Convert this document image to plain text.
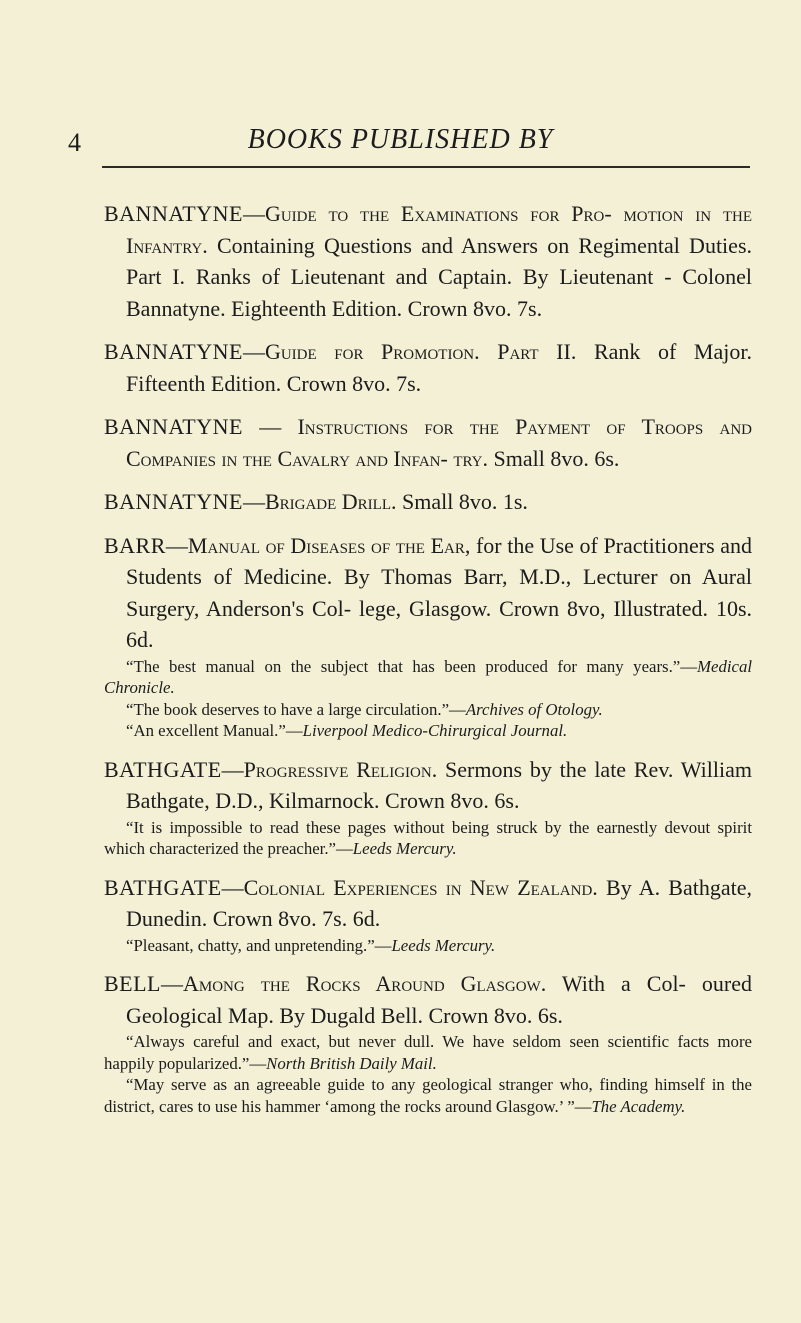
4	BOOKS PUBLISHED BY

BANNATYNE—Guide to the Examinations for Pro- motion in the Infantry. Containing Questions and Answers on Regimental Duties. Part I. Ranks of Lieutenant and Captain. By Lieutenant - Colonel Bannatyne. Eighteenth Edition. Crown 8vo. 7s.

BANNATYNE—Guide for Promotion. Part II. Rank of Major. Fifteenth Edition. Crown 8vo. 7s.

BANNATYNE — Instructions for the Payment of Troops and Companies in the Cavalry and Infan- try. Small 8vo. 6s.

BANNATYNE—Brigade Drill. Small 8vo. 1s.

BARR—Manual of Diseases of the Ear, for the Use of Practitioners and Students of Medicine. By Thomas Barr, M.D., Lecturer on Aural Surgery, Anderson's Col- lege, Glasgow. Crown 8vo, Illustrated. 10s. 6d.

“The best manual on the subject that has been produced for many years.”—Medical Chronicle.

“The book deserves to have a large circulation.”—Archives of Otology.

“An excellent Manual.”—Liverpool Medico-Chirurgical Journal.

BATHGATE—Progressive Religion. Sermons by the late Rev. William Bathgate, D.D., Kilmarnock. Crown 8vo. 6s.

“It is impossible to read these pages without being struck by the earnestly devout spirit which characterized the preacher.”—Leeds Mercury.

BATHGATE—Colonial Experiences in New Zealand. By A. Bathgate, Dunedin. Crown 8vo. 7s. 6d.

“Pleasant, chatty, and unpretending.”—Leeds Mercury.

BELL—Among the Rocks Around Glasgow. With a Col- oured Geological Map. By Dugald Bell. Crown 8vo. 6s.

“Always careful and exact, but never dull. We have seldom seen scientific facts more happily popularized.”—North British Daily Mail.

“May serve as an agreeable guide to any geological stranger who, finding himself in the district, cares to use his hammer ‘among the rocks around Glasgow.’ ”—The Academy.
